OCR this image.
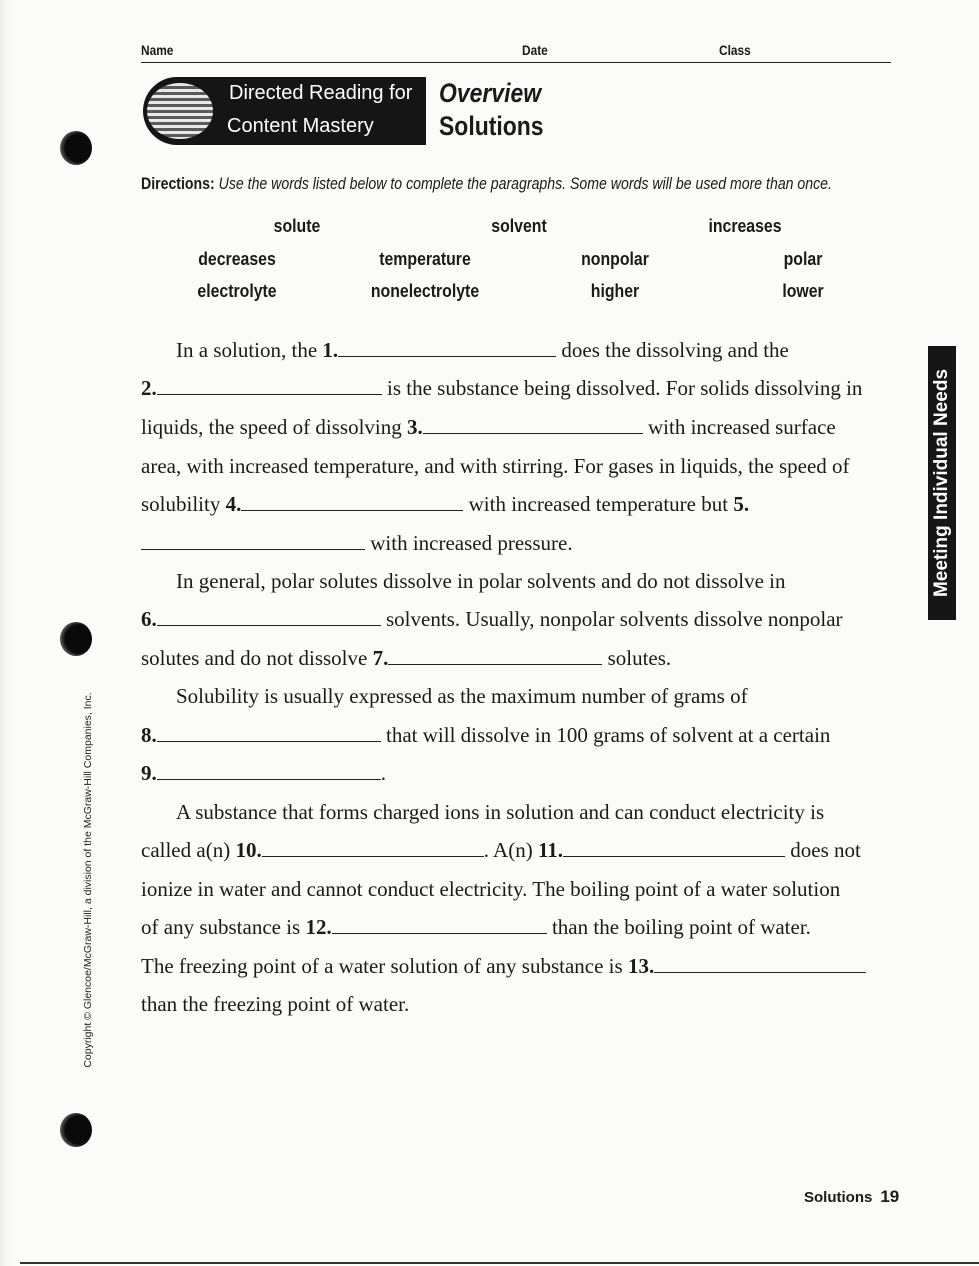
Name	Date	Class
Directed Reading for
Content Mastery
Overview
Solutions
Directions: Use the words listed below to complete the paragraphs. Some words will be used more than once.
solute	solvent	increases
decreases	temperature	nonpolar	polar
electrolyte	nonelectrolyte	higher	lower
In a solution, the 1.	does the dissolving and the
2.	is the substance being dissolved. For solids dissolving in
liquids, the speed of dissolving 3.	with increased surface
area, with increased temperature, and with stirring. For gases in liquids, the speed of
solubility 4.	with increased temperature but 5.
with increased pressure.
In general, polar solutes dissolve in polar solvents and do not dissolve in
6.	solvents. Usually, nonpolar solvents dissolve nonpolar
solutes and do not dissolve 7.	solutes.
Solubility is usually expressed as the maximum number of grams of
8.	that will dissolve in 100 grams of solvent at a certain
9.	.
A substance that forms charged ions in solution and can conduct electricity is
called a(n) 10.	. A(n) 11.	does not
ionize in water and cannot conduct electricity. The boiling point of a water solution
of any substance is 12.	than the boiling point of water.
The freezing point of a water solution of any substance is 13.
than the freezing point of water.
Meeting Individual Needs
Copyright © Glencoe/McGraw-Hill, a division of the McGraw-Hill Companies, Inc.
Solutions 19
